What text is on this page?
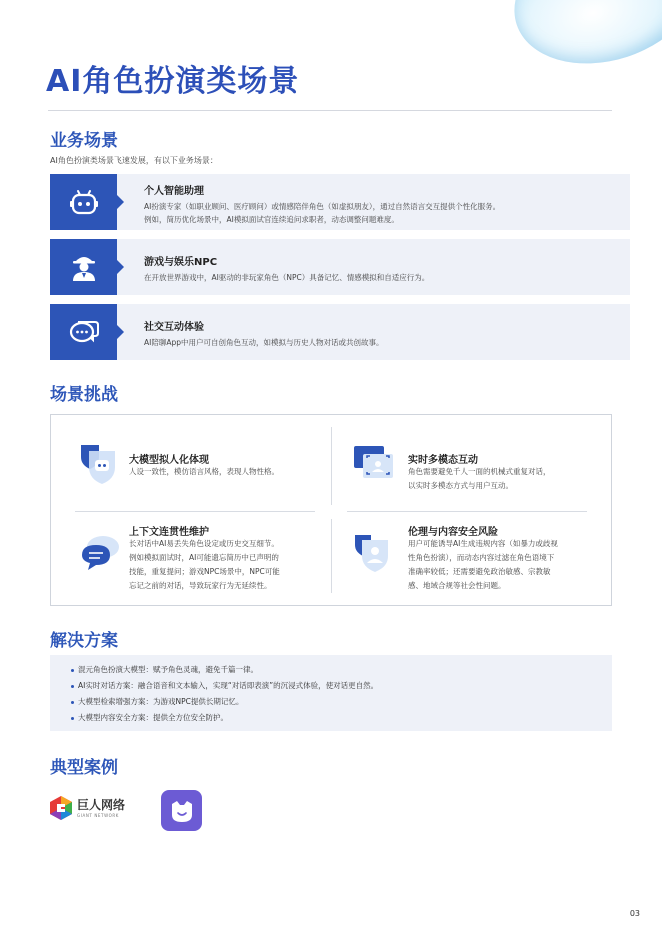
AI角色扮演类场景
业务场景

AI角色扮演类场景飞速发展，有以下业务场景：

个人智能助理
AI扮演专家（如职业顾问、医疗顾问）或情感陪伴角色（如虚拟朋友），通过自然语言交互提供个性化服务。
例如，简历优化场景中，AI模拟面试官连续追问求职者，动态调整问题难度。
游戏与娱乐NPC
在开放世界游戏中，AI驱动的非玩家角色（NPC）具备记忆、情感模拟和自适应行为。
社交互动体验
AI陪聊App中用户可自创角色互动，如模拟与历史人物对话或共创故事。
场景挑战
大模型拟人化体现
人设一致性，模仿语言风格，表现人物性格。
实时多模态互动
角色需要避免千人一面的机械式重复对话，
以实时多模态方式与用户互动。
上下文连贯性维护
长对话中AI易丢失角色设定或历史交互细节。
例如模拟面试时，AI可能遗忘简历中已声明的
技能，重复提问；游戏NPC场景中，NPC可能
忘记之前的对话，导致玩家行为无延续性。
伦理与内容安全风险
用户可能诱导AI生成违规内容（如暴力或歧视
性角色扮演），而动态内容过滤在角色语境下
准确率较低；还需要避免政治敏感、宗教敏
感、地域合规等社会性问题。
解决方案
混元角色扮演大模型：赋予角色灵魂，避免千篇一律。
AI实时对话方案：融合语音和文本输入，实现“对话即表演”的沉浸式体验，使对话更自然。
大模型检索增强方案：为游戏NPC提供长期记忆。
大模型内容安全方案：提供全方位安全防护。
典型案例
巨人网络
GIANT NETWORK
03
